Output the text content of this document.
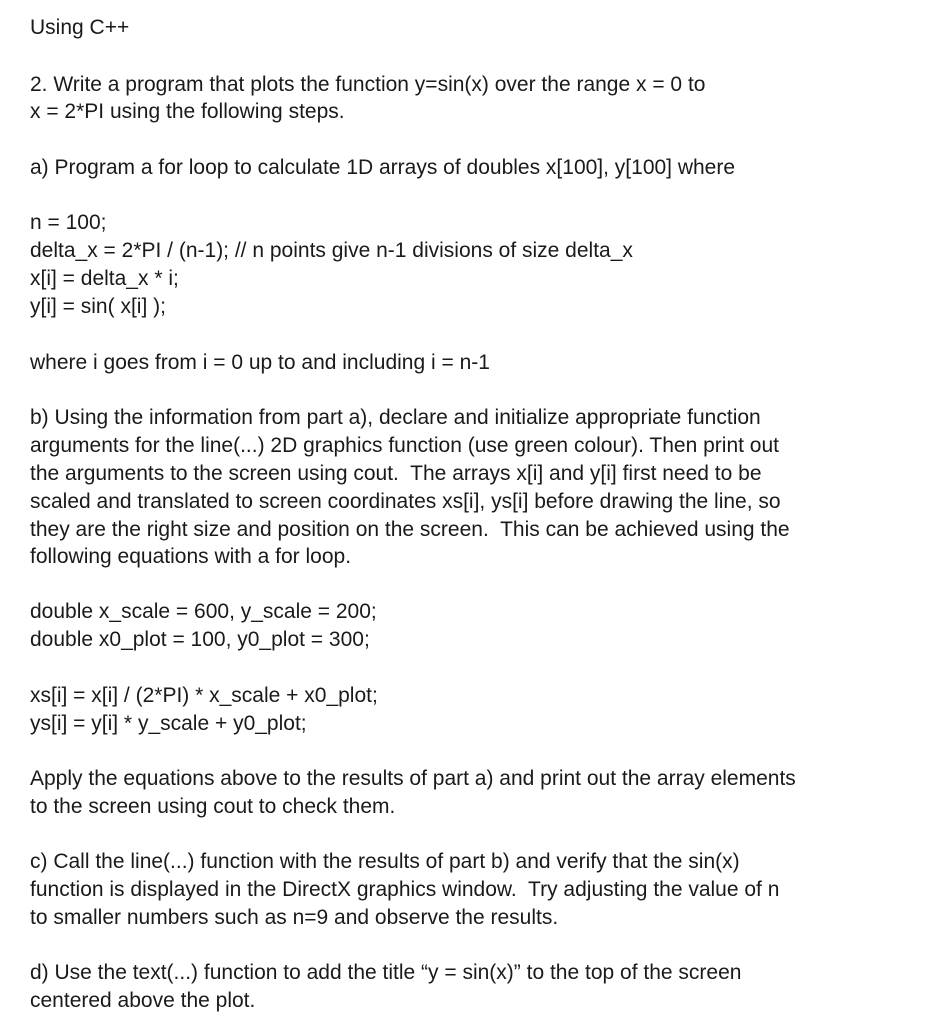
Using C++
2. Write a program that plots the function y=sin(x) over the range x = 0 to
x = 2*PI using the following steps.
a) Program a for loop to calculate 1D arrays of doubles x[100], y[100] where
n = 100;
delta_x = 2*PI / (n-1); // n points give n-1 divisions of size delta_x
x[i] = delta_x * i;
y[i] = sin( x[i] );
where i goes from i = 0 up to and including i = n-1
b) Using the information from part a), declare and initialize appropriate function
arguments for the line(...) 2D graphics function (use green colour). Then print out
the arguments to the screen using cout.  The arrays x[i] and y[i] first need to be
scaled and translated to screen coordinates xs[i], ys[i] before drawing the line, so
they are the right size and position on the screen.  This can be achieved using the
following equations with a for loop.
double x_scale = 600, y_scale = 200;
double x0_plot = 100, y0_plot = 300;
xs[i] = x[i] / (2*PI) * x_scale + x0_plot;
ys[i] = y[i] * y_scale + y0_plot;
Apply the equations above to the results of part a) and print out the array elements
to the screen using cout to check them.
c) Call the line(...) function with the results of part b) and verify that the sin(x)
function is displayed in the DirectX graphics window.  Try adjusting the value of n
to smaller numbers such as n=9 and observe the results.
d) Use the text(...) function to add the title “y = sin(x)” to the top of the screen
centered above the plot.
